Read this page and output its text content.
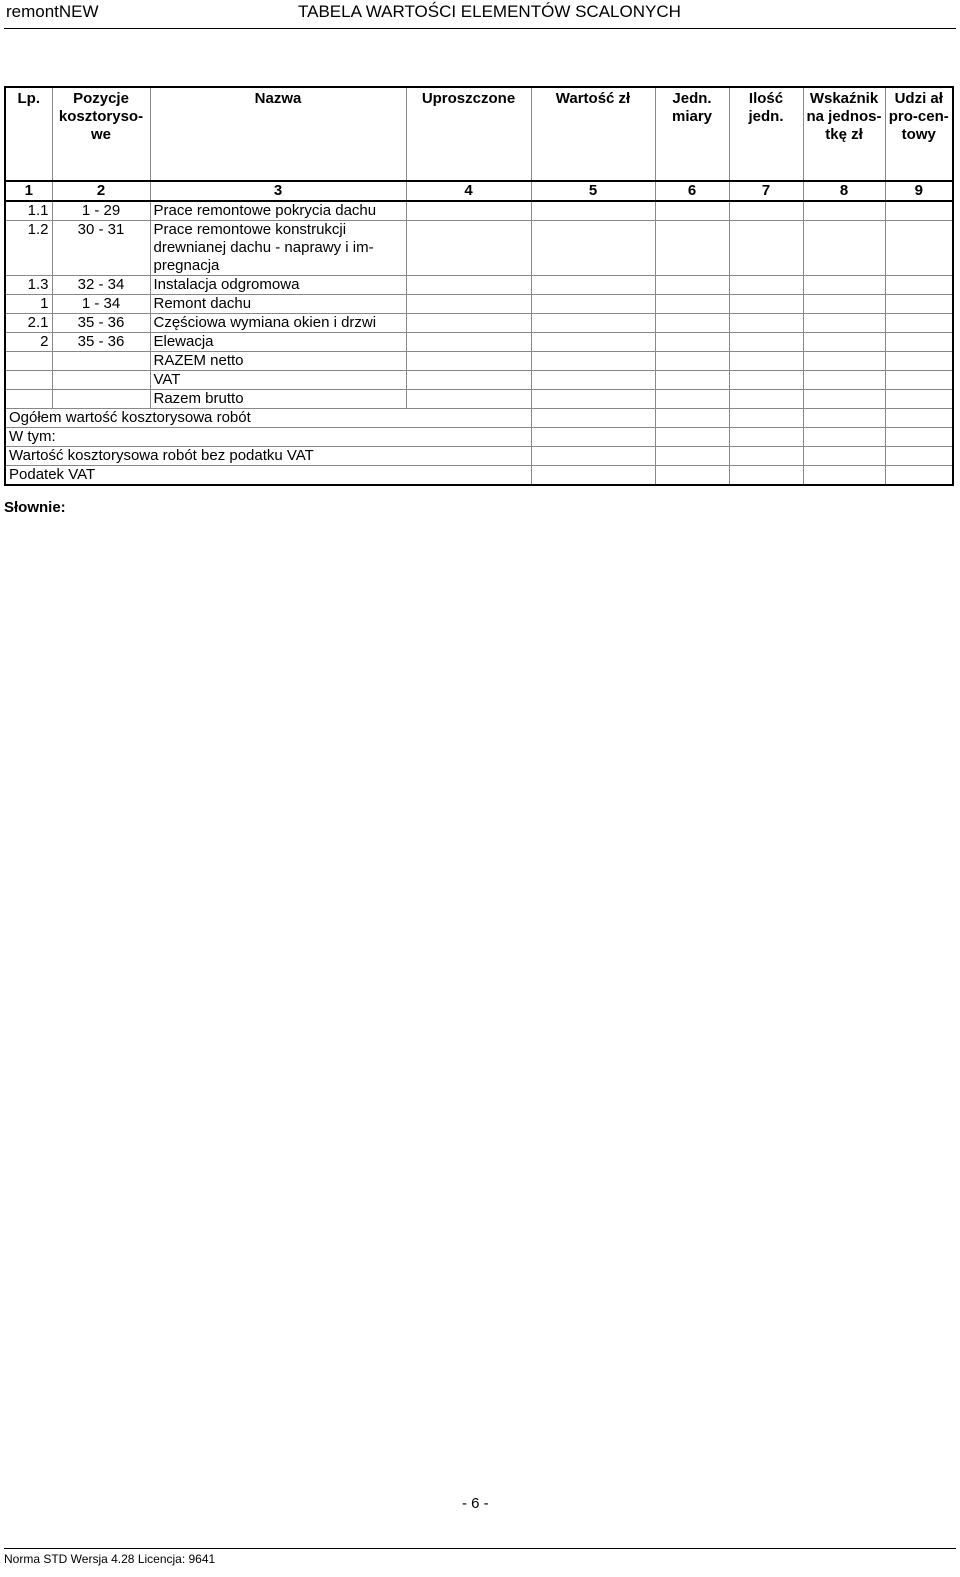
remontNEW	TABELA WARTOŚCI ELEMENTÓW SCALONYCH
Lp.	Pozycje kosztoryso-we	Nazwa	Uproszczone	Wartość zł	Jedn. miary	Ilość jedn.	Wskaźnik na jednos-tkę zł	Udzi ał pro-cen-towy
1	2	3	4	5	6	7	8	9
1.1	1 - 29	Prace remontowe pokrycia dachu						
1.2	30 - 31	Prace remontowe konstrukcji drewnianej dachu - naprawy i im-pregnacja						
1.3	32 - 34	Instalacja odgromowa						
1	1 - 34	Remont dachu						
2.1	35 - 36	Częściowa wymiana okien i drzwi						
2	35 - 36	Elewacja						
		RAZEM netto						
		VAT						
		Razem brutto						
Ogółem wartość kosztorysowa robót								
W tym:								
Wartość kosztorysowa robót bez podatku VAT								
Podatek VAT								
Słownie:
- 6 -
Norma STD Wersja 4.28 Licencja: 9641
